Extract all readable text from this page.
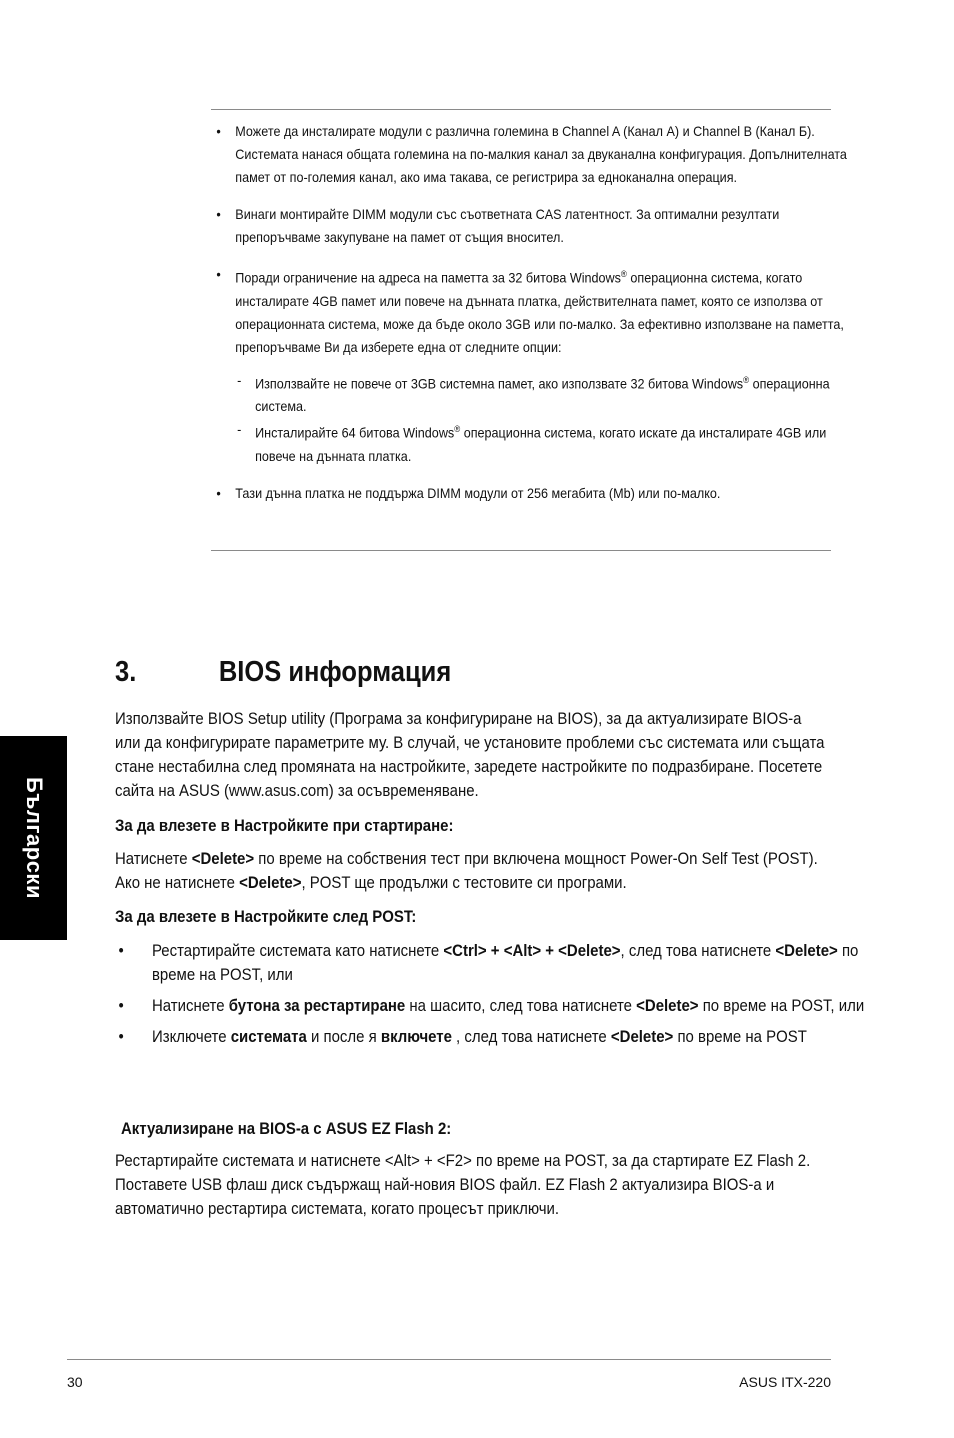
• Можете да инсталирате модули с различна големина в Channel A (Канал А) и Channel B (Канал Б). Системата нанася общата големина на по-малкия канал за двуканална конфигурация. Допълнителната памет от по-големия канал, ако има такава, се регистрира за едноканална операция.
• Винаги монтирайте DIMM модули със съответната CAS латентност. За оптимални резултати препоръчваме закупуване на памет от същия вносител.
• Поради ограничение на адреса на паметта за 32 битова Windows® операционна система, когато инсталирате 4GB памет или повече на дънната платка, действителната памет, която се използва от операционната система, може да бъде около 3GB или по-малко. За ефективно използване на паметта, препоръчваме Ви да изберете една от следните опции:
- Използвайте не повече от 3GB системна памет, ако използвате 32 битова Windows® операционна система.
- Инсталирайте 64 битова Windows® операционна система, когато искате да инсталирате 4GB или повече на дънната платка.
• Тази дънна платка не поддържа DIMM модули от 256 мегабита (Mb) или по-малко.
Български
3.	BIOS информация
Използвайте BIOS Setup utility (Програма за конфигуриране на BIOS), за да актуализирате BIOS-а или да конфигурирате параметрите му. В случай, че установите проблеми със системата или същата стане нестабилна след промяната на настройките, заредете настройките по подразбиране. Посетете сайта на ASUS (www.asus.com) за осъвременяване.
За да влезете в Настройките при стартиране:
Натиснете <Delete> по време на собствения тест при включена мощност Power-On Self Test (POST). Ако не натиснете <Delete>, POST ще продължи с тестовите си програми.
За да влезете в Настройките след POST:
• Рестартирайте системата като натиснете <Ctrl> + <Alt> + <Delete>, след това натиснете <Delete> по време на POST, или
• Натиснете бутона за рестартиране на шасито, след това натиснете <Delete> по време на POST, или
• Изключете системата и после я включете , след това натиснете <Delete> по време на POST
Актуализиране на BIOS-а с ASUS EZ Flash 2:
Рестартирайте системата и натиснете <Alt> + <F2> по време на POST, за да стартирате EZ Flash 2. Поставете USB флаш диск съдържащ най-новия BIOS файл. EZ Flash 2 актуализира BIOS-а и автоматично рестартира системата, когато процесът приключи.
30	ASUS ITX-220
